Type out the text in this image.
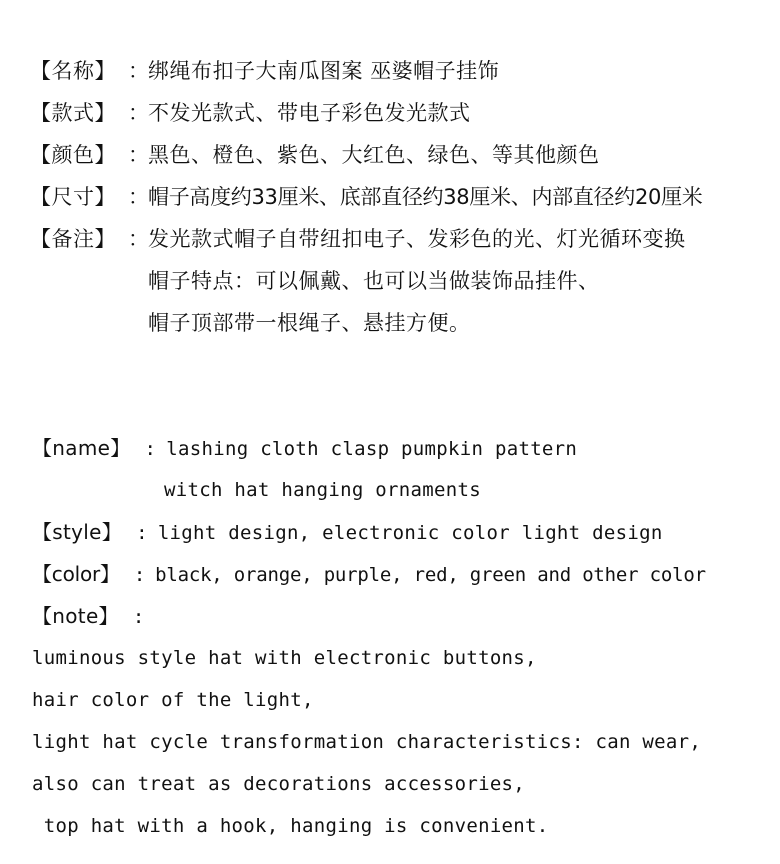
【名称】 ：绑绳布扣子大南瓜图案 巫婆帽子挂饰
【款式】 ：不发光款式、带电子彩色发光款式
【颜色】 ：黑色、橙色、紫色、大红色、绿色、等其他颜色
【尺寸】 ：帽子高度约33厘米、底部直径约38厘米、内部直径约20厘米
【备注】 ：发光款式帽子自带纽扣电子、发彩色的光、灯光循环变换
帽子特点：可以佩戴、也可以当做装饰品挂件、
帽子顶部带一根绳子、悬挂方便。
【name】 : lashing cloth clasp pumpkin pattern
witch hat hanging ornaments
【style】 : light design, electronic color light design
【color】 : black, orange, purple, red, green and other color
【note】 :
luminous style hat with electronic buttons,
hair color of the light,
light hat cycle transformation characteristics: can wear,
also can treat as decorations accessories,
top hat with a hook, hanging is convenient.
